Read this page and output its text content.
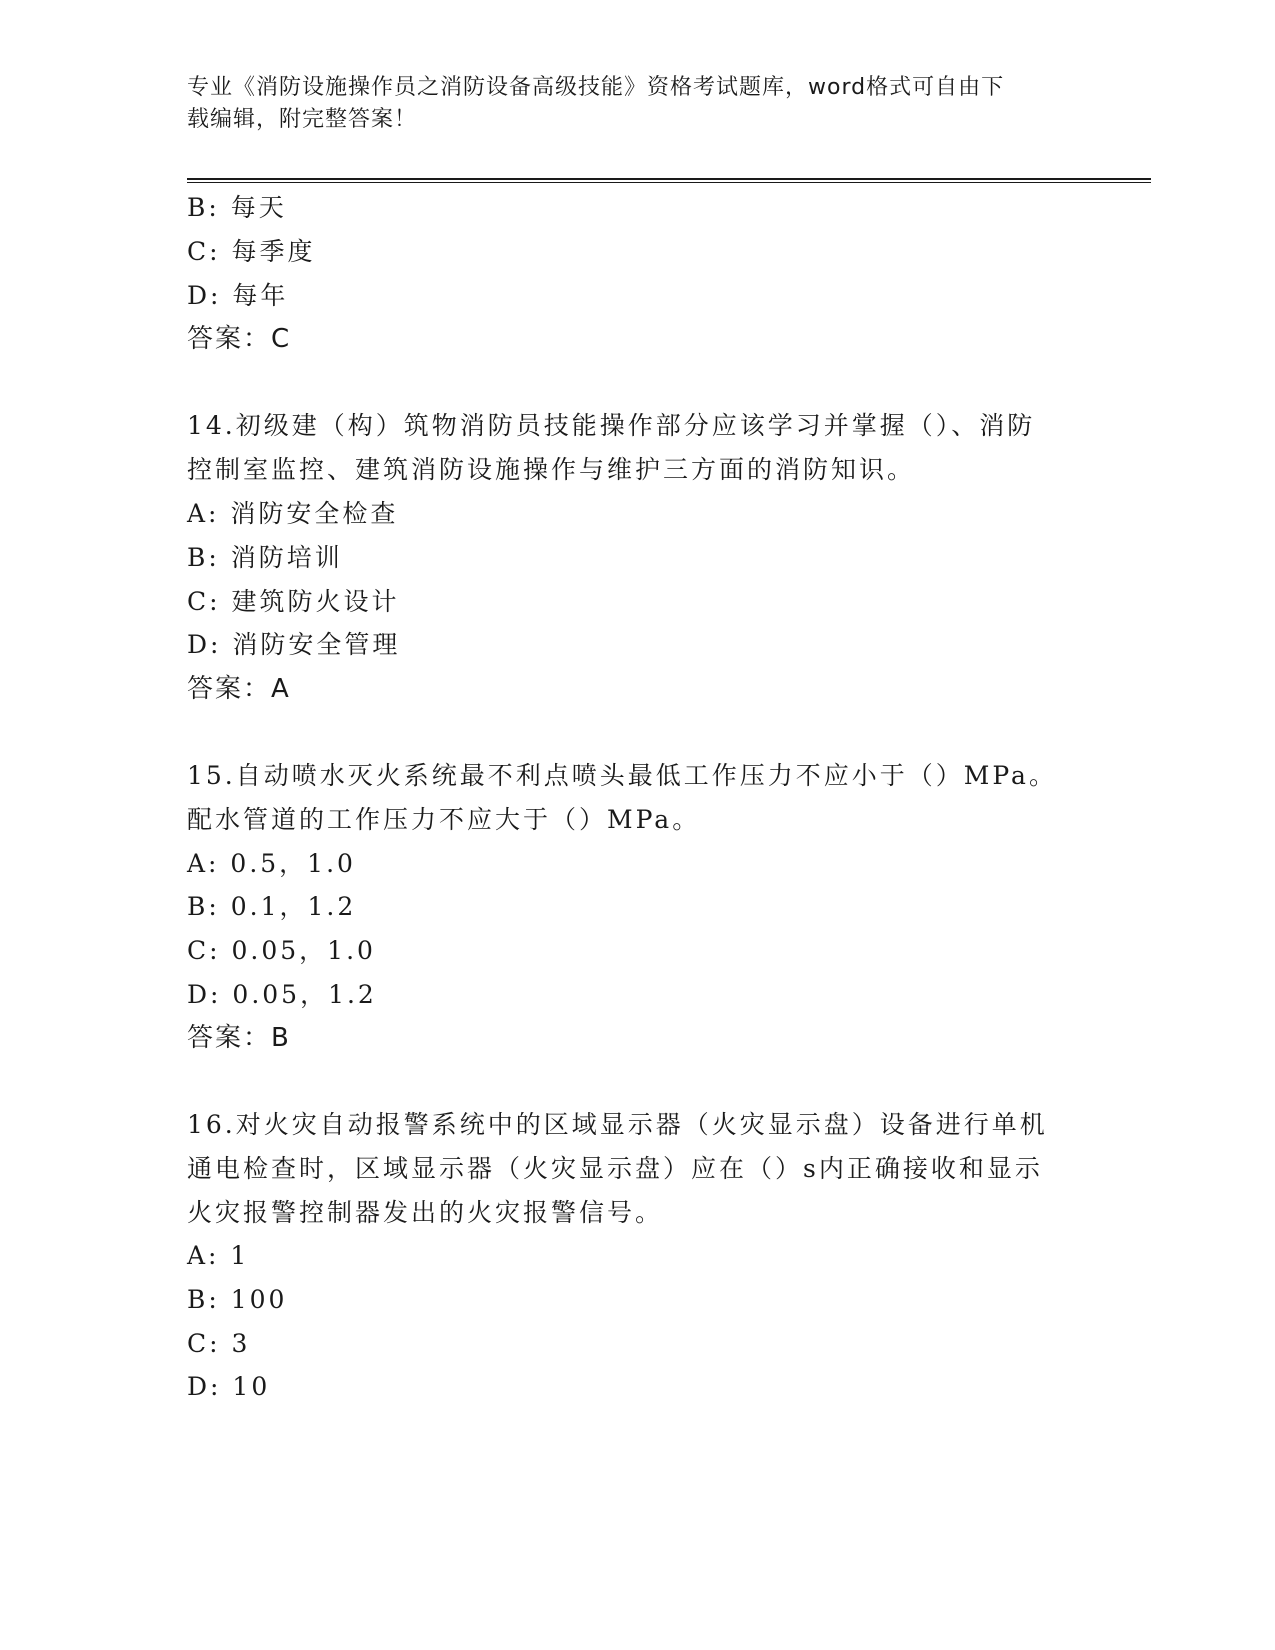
专业《消防设施操作员之消防设备高级技能》资格考试题库，word格式可自由下
载编辑，附完整答案！
B: 每天
C: 每季度
D: 每年
答案：C
14.初级建（构）筑物消防员技能操作部分应该学习并掌握（）、消防
控制室监控、建筑消防设施操作与维护三方面的消防知识。
A: 消防安全检查
B: 消防培训
C: 建筑防火设计
D: 消防安全管理
答案：A
15.自动喷水灭火系统最不利点喷头最低工作压力不应小于（）MPa。
配水管道的工作压力不应大于（）MPa。
A: 0.5，1.0
B: 0.1，1.2
C: 0.05，1.0
D: 0.05，1.2
答案：B
16.对火灾自动报警系统中的区域显示器（火灾显示盘）设备进行单机
通电检查时，区域显示器（火灾显示盘）应在（）s内正确接收和显示
火灾报警控制器发出的火灾报警信号。
A: 1
B: 100
C: 3
D: 10
